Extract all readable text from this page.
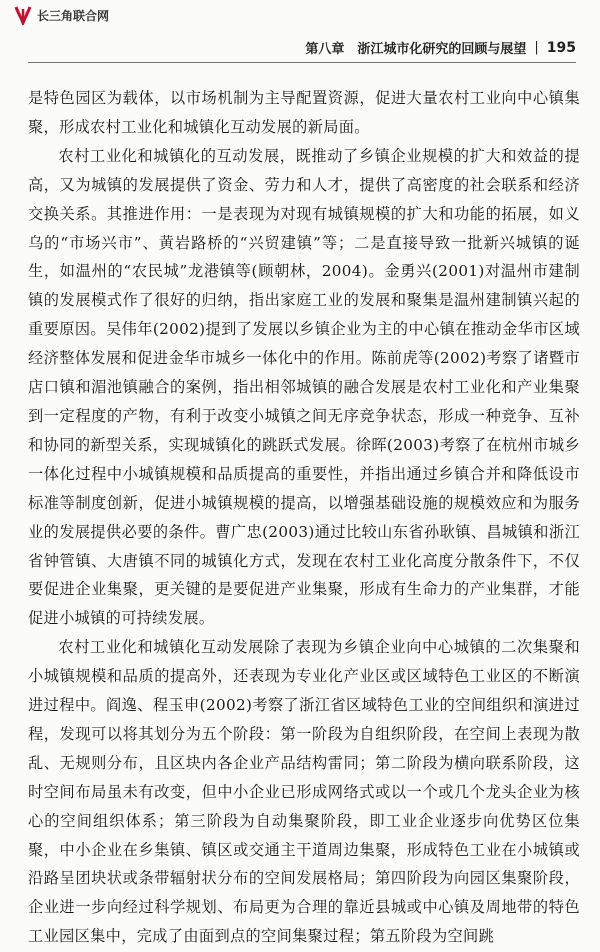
长三角联合网
第八章　浙江城市化研究的回顾与展望 | 195

是特色园区为载体，以市场机制为主导配置资源，促进大量农村工业向中心镇集聚，形成农村工业化和城镇化互动发展的新局面。

农村工业化和城镇化的互动发展，既推动了乡镇企业规模的扩大和效益的提高，又为城镇的发展提供了资金、劳力和人才，提供了高密度的社会联系和经济交换关系。其推进作用：一是表现为对现有城镇规模的扩大和功能的拓展，如义乌的“市场兴市”、黄岩路桥的“兴贸建镇”等；二是直接导致一批新兴城镇的诞生，如温州的“农民城”龙港镇等(顾朝林，2004)。金勇兴(2001)对温州市建制镇的发展模式作了很好的归纳，指出家庭工业的发展和聚集是温州建制镇兴起的重要原因。吴伟年(2002)提到了发展以乡镇企业为主的中心镇在推动金华市区域经济整体发展和促进金华市城乡一体化中的作用。陈前虎等(2002)考察了诸暨市店口镇和湄池镇融合的案例，指出相邻城镇的融合发展是农村工业化和产业集聚到一定程度的产物，有利于改变小城镇之间无序竞争状态，形成一种竞争、互补和协同的新型关系，实现城镇化的跳跃式发展。徐晖(2003)考察了在杭州市城乡一体化过程中小城镇规模和品质提高的重要性，并指出通过乡镇合并和降低设市标准等制度创新，促进小城镇规模的提高，以增强基础设施的规模效应和为服务业的发展提供必要的条件。曹广忠(2003)通过比较山东省孙耿镇、昌城镇和浙江省钟管镇、大唐镇不同的城镇化方式，发现在农村工业化高度分散条件下，不仅要促进企业集聚，更关键的是要促进产业集聚，形成有生命力的产业集群，才能促进小城镇的可持续发展。

农村工业化和城镇化互动发展除了表现为乡镇企业向中心城镇的二次集聚和小城镇规模和品质的提高外，还表现为专业化产业区或区域特色工业区的不断演进过程中。阎逸、程玉申(2002)考察了浙江省区域特色工业的空间组织和演进过程，发现可以将其划分为五个阶段：第一阶段为自组织阶段，在空间上表现为散乱、无规则分布，且区块内各企业产品结构雷同；第二阶段为横向联系阶段，这时空间布局虽未有改变，但中小企业已形成网络式或以一个或几个龙头企业为核心的空间组织体系；第三阶段为自动集聚阶段，即工业企业逐步向优势区位集聚，中小企业在乡集镇、镇区或交通主干道周边集聚，形成特色工业在小城镇或沿路呈团块状或条带辐射状分布的空间发展格局；第四阶段为向园区集聚阶段，企业进一步向经过科学规划、布局更为合理的靠近县城或中心镇及周地带的特色工业园区集中，完成了由面到点的空间集聚过程；第五阶段为空间跳
